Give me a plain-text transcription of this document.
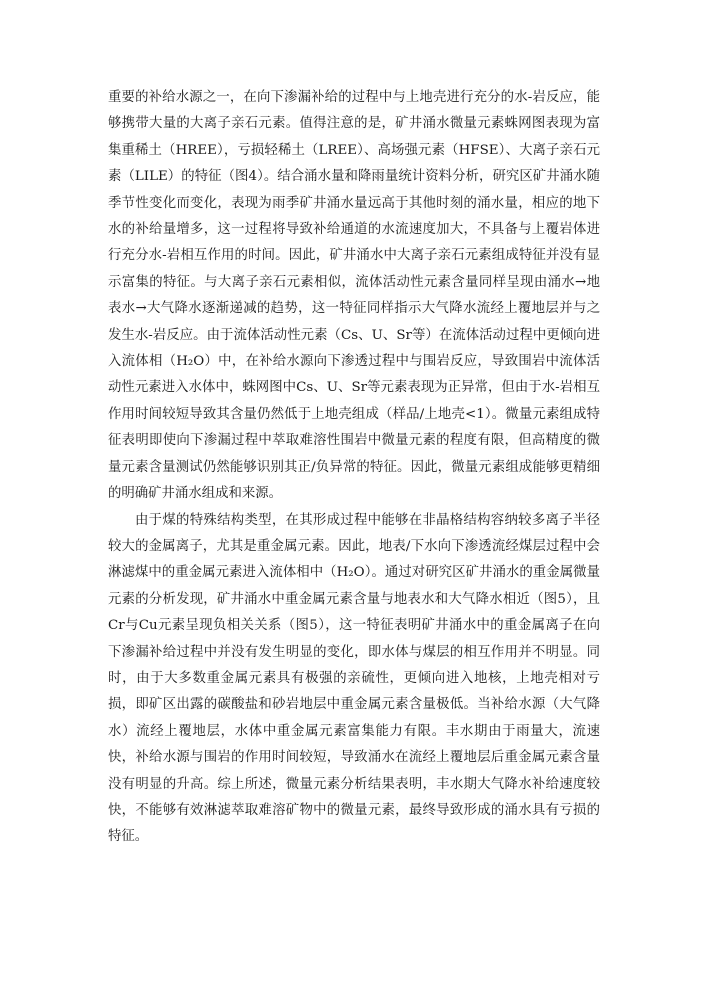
重要的补给水源之一，在向下渗漏补给的过程中与上地壳进行充分的水-岩反应，能够携带大量的大离子亲石元素。值得注意的是，矿井涌水微量元素蛛网图表现为富集重稀土（HREE），亏损轻稀土（LREE）、高场强元素（HFSE）、大离子亲石元素（LILE）的特征（图4）。结合涌水量和降雨量统计资料分析，研究区矿井涌水随季节性变化而变化，表现为雨季矿井涌水量远高于其他时刻的涌水量，相应的地下水的补给量增多，这一过程将导致补给通道的水流速度加大，不具备与上覆岩体进行充分水-岩相互作用的时间。因此，矿井涌水中大离子亲石元素组成特征并没有显示富集的特征。与大离子亲石元素相似，流体活动性元素含量同样呈现由涌水→地表水→大气降水逐渐递减的趋势，这一特征同样指示大气降水流经上覆地层并与之发生水-岩反应。由于流体活动性元素（Cs、U、Sr等）在流体活动过程中更倾向进入流体相（H₂O）中，在补给水源向下渗透过程中与围岩反应，导致围岩中流体活动性元素进入水体中，蛛网图中Cs、U、Sr等元素表现为正异常，但由于水-岩相互作用时间较短导致其含量仍然低于上地壳组成（样品/上地壳<1）。微量元素组成特征表明即使向下渗漏过程中萃取难溶性围岩中微量元素的程度有限，但高精度的微量元素含量测试仍然能够识别其正/负异常的特征。因此，微量元素组成能够更精细的明确矿井涌水组成和来源。

由于煤的特殊结构类型，在其形成过程中能够在非晶格结构容纳较多离子半径较大的金属离子，尤其是重金属元素。因此，地表/下水向下渗透流经煤层过程中会淋滤煤中的重金属元素进入流体相中（H₂O）。通过对研究区矿井涌水的重金属微量元素的分析发现，矿井涌水中重金属元素含量与地表水和大气降水相近（图5），且Cr与Cu元素呈现负相关关系（图5），这一特征表明矿井涌水中的重金属离子在向下渗漏补给过程中并没有发生明显的变化，即水体与煤层的相互作用并不明显。同时，由于大多数重金属元素具有极强的亲硫性，更倾向进入地核，上地壳相对亏损，即矿区出露的碳酸盐和砂岩地层中重金属元素含量极低。当补给水源（大气降水）流经上覆地层，水体中重金属元素富集能力有限。丰水期由于雨量大，流速快，补给水源与围岩的作用时间较短，导致涌水在流经上覆地层后重金属元素含量没有明显的升高。综上所述，微量元素分析结果表明，丰水期大气降水补给速度较快，不能够有效淋滤萃取难溶矿物中的微量元素，最终导致形成的涌水具有亏损的特征。
